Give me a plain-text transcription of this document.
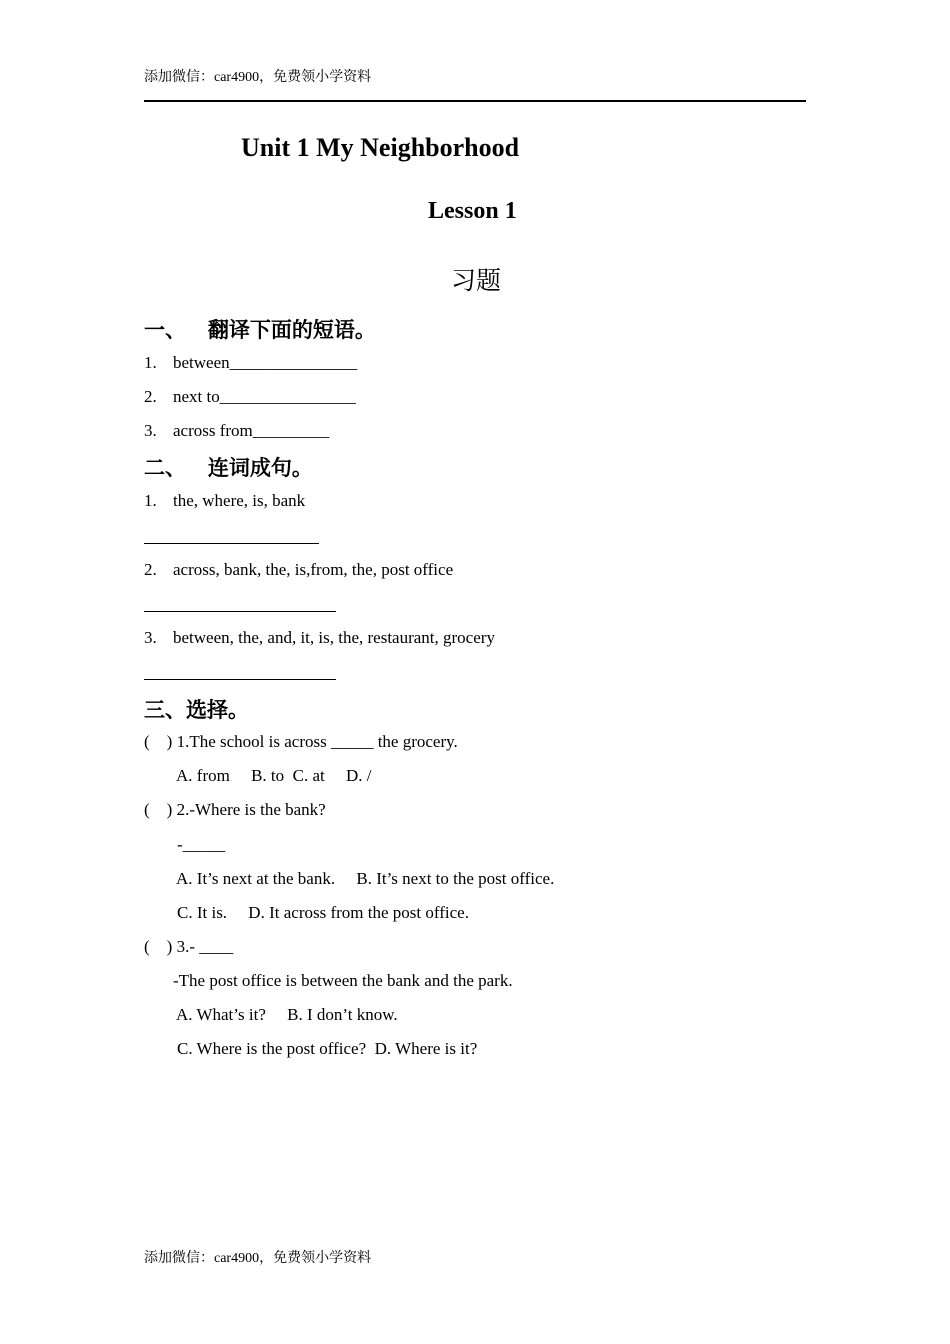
添加微信：car4900，免费领小学资料
Unit 1 My Neighborhood
Lesson 1
习题
一、   翻译下面的短语。
1. between_______________
2. next to________________
3. across from_________
二、   连词成句。
1. the, where, is, bank
2. across, bank, the, is,from, the, post office
3. between, the, and, it, is, the, restaurant, grocery
三、选择。
(    ) 1.The school is across _____ the grocery.
A. from     B. to  C. at     D. /
(    ) 2.-Where is the bank?
-_____
A. It’s next at the bank.     B. It’s next to the post office.
C. It is.     D. It across from the post office.
(    ) 3.- ____
-The post office is between the bank and the park.
A. What’s it?     B. I don’t know.
C. Where is the post office?  D. Where is it?
添加微信：car4900，免费领小学资料
